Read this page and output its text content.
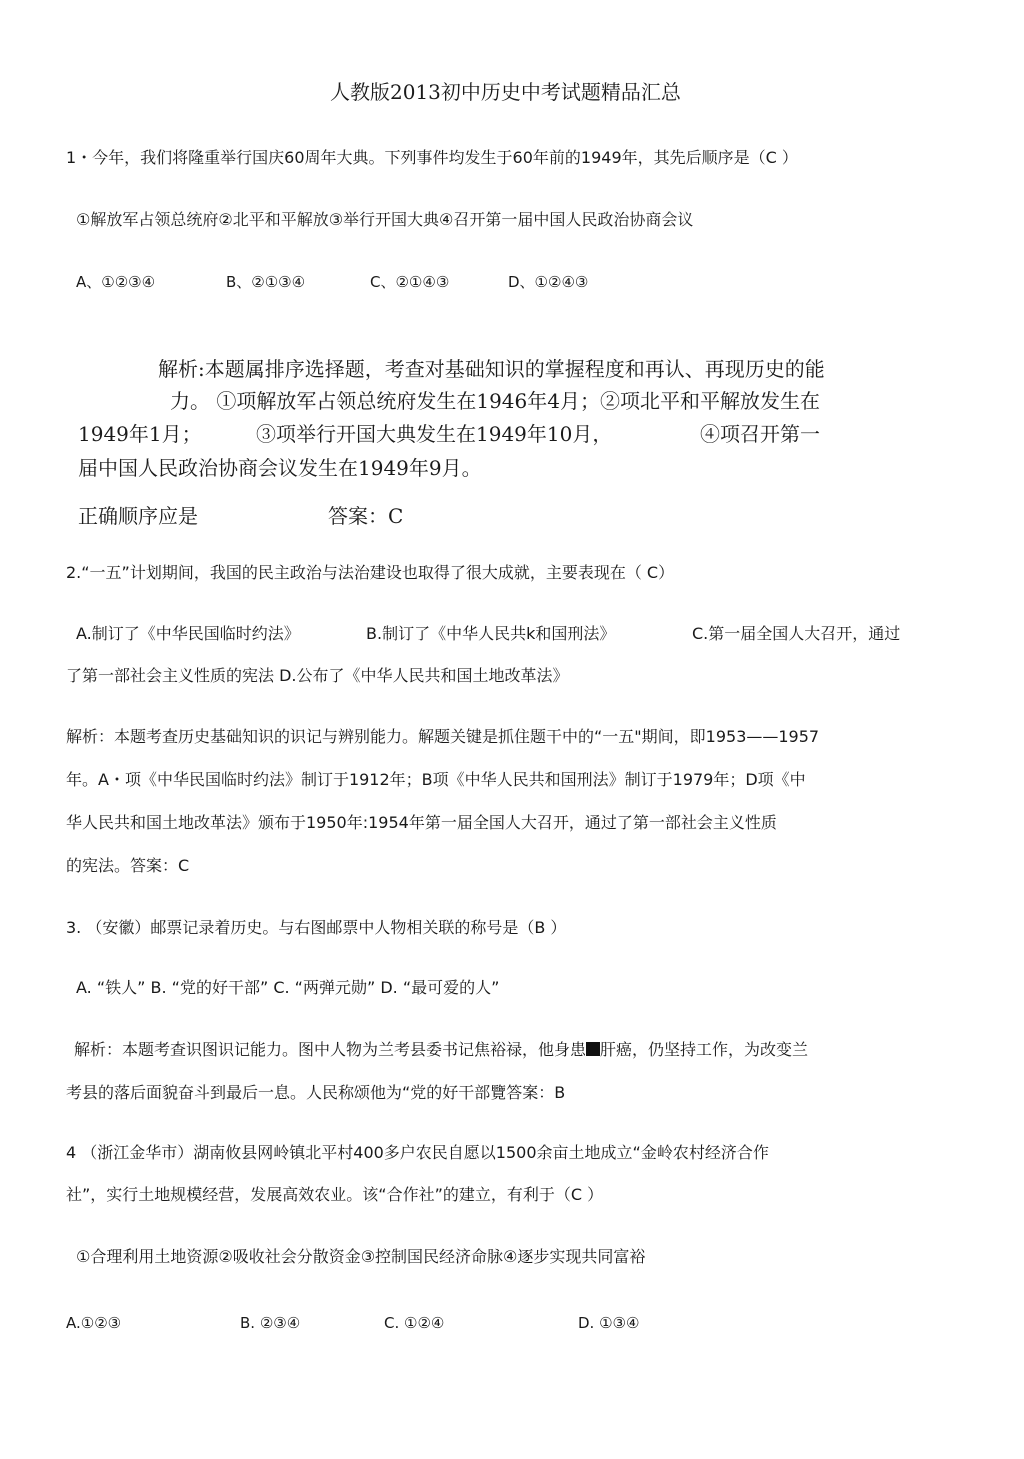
人教版2013初中历史中考试题精品汇总
1・今年，我们将隆重举行国庆60周年大典。下列事件均发生于60年前的1949年，其先后顺序是（C ）
①解放军占领总统府②北平和平解放③举行开国大典④召开第一届中国人民政治协商会议
A、①②③④	B、②①③④	C、②①④③	D、①②④③
解析:本题属排序选择题，考查对基础知识的掌握程度和再认、再现历史的能
力。 ①项解放军占领总统府发生在1946年4月；②项北平和平解放发生在
1949年1月；	③项举行开国大典发生在1949年10月，	④项召开第一
届中国人民政治协商会议发生在1949年9月。
正确顺序应是	答案：C
2.“一五”计划期间，我国的民主政治与法治建设也取得了很大成就，主要表现在（ C）
A.制订了《中华民国临时约法》	B.制订了《中华人民共k和国刑法》	C.第一届全国人大召开，通过
了第一部社会主义性质的宪法 D.公布了《中华人民共和国土地改革法》
解析：本题考查历史基础知识的识记与辨别能力。解题关键是抓住题干中的“一五"期间，即1953——1957
年。A・项《中华民国临时约法》制订于1912年；B项《中华人民共和国刑法》制订于1979年；D项《中
华人民共和国土地改革法》颁布于1950年:1954年第一届全国人大召开，通过了第一部社会主义性质
的宪法。答案：C
3. （安徽）邮票记录着历史。与右图邮票中人物相关联的称号是（B ）
A. “铁人” B. “党的好干部” C. “两弹元勋” D. “最可爱的人”
解析：本题考查识图识记能力。图中人物为兰考县委书记焦裕禄，他身患 肝癌，仍坚持工作，为改变兰
考县的落后面貌奋斗到最后一息。人民称颂他为“党的好干部覽答案：B
4 （浙江金华市）湖南攸县网岭镇北平村400多户农民自愿以1500余亩土地成立“金岭农村经济合作
社”，实行土地规模经营，发展高效农业。该“合作社”的建立，有利于（C ）
①合理利用土地资源②吸收社会分散资金③控制国民经济命脉④逐步实现共同富裕
A.①②③	B. ②③④	C. ①②④	D. ①③④
